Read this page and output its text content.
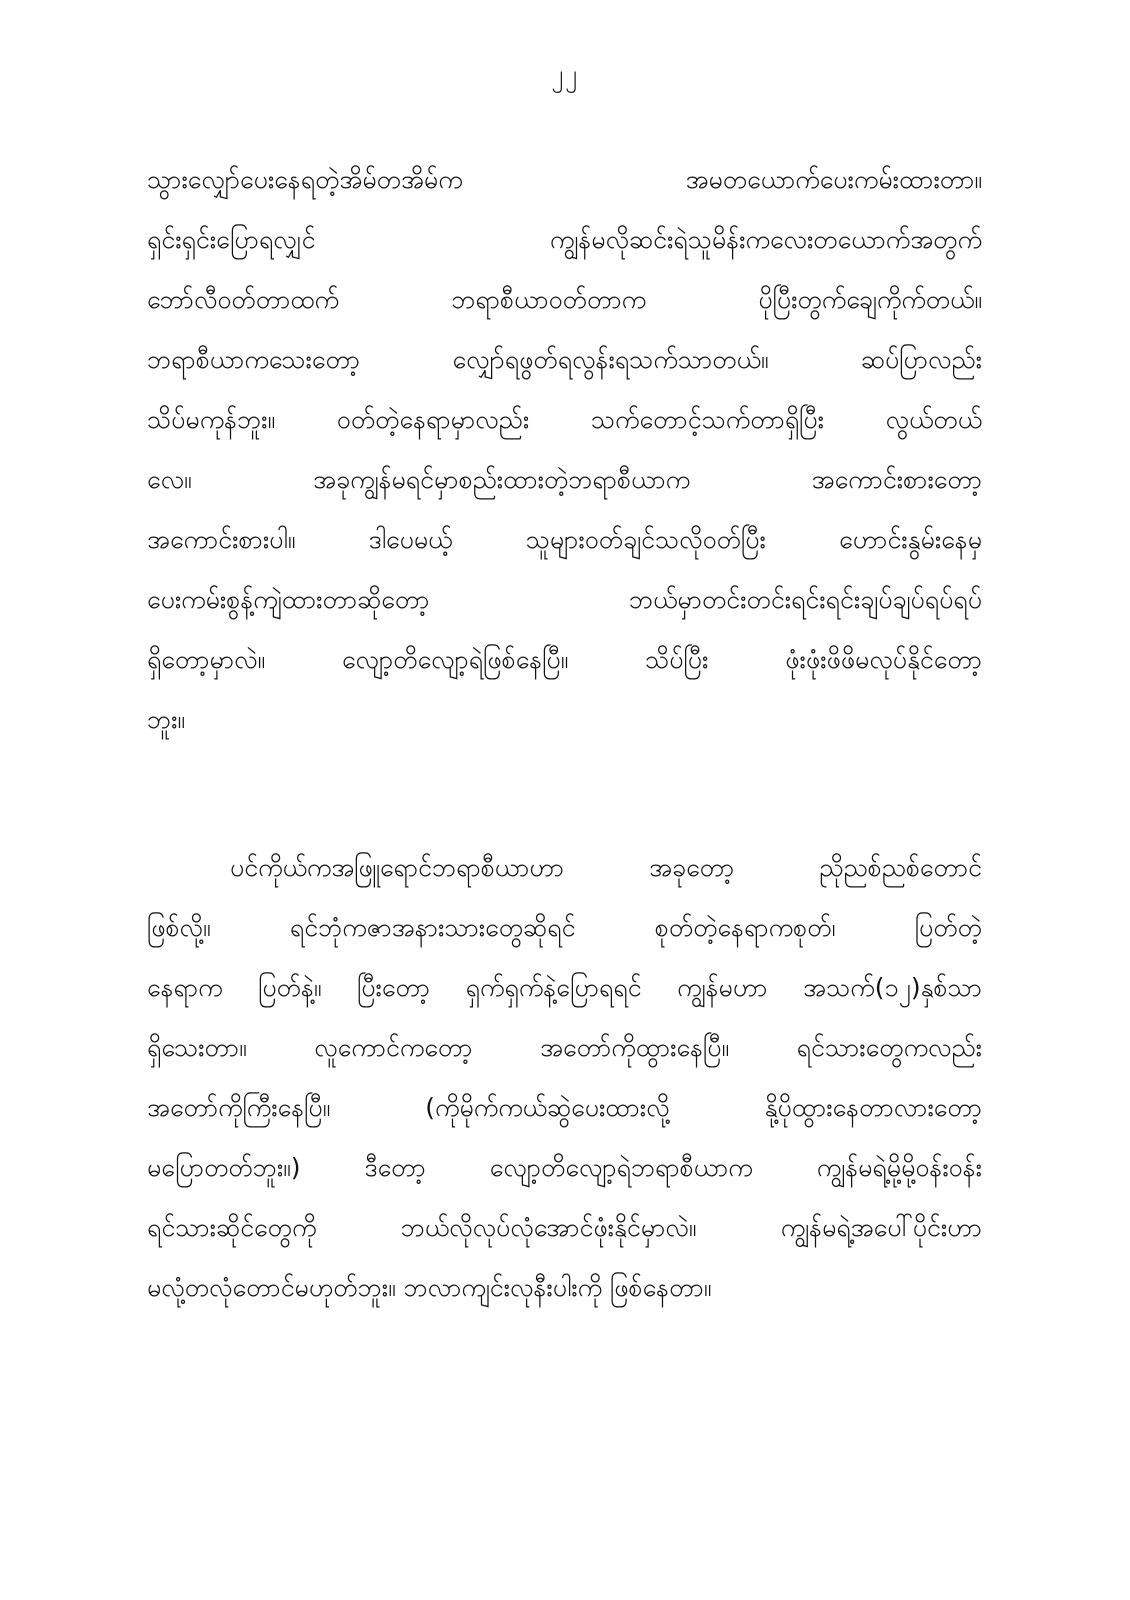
၂၂
သွားလျှော်ပေးနေရတဲ့အိမ်တအိမ်က အမတယောက်ပေးကမ်းထားတာ။
ရှင်းရှင်းပြောရလျှင် ကျွန်မလိုဆင်းရဲသူမိန်းကလေးတယောက်အတွက်
ဘော်လီဝတ်တာထက် ဘရာစီယာဝတ်တာက ပိုပြီးတွက်ချေကိုက်တယ်။
ဘရာစီယာကသေးတော့ လျှော်ရဖွတ်ရလွန်းရသက်သာတယ်။ ဆပ်ပြာလည်း
သိပ်မကုန်ဘူး။ ဝတ်တဲ့နေရာမှာလည်း သက်တောင့်သက်တာရှိပြီး လွယ်တယ်
လေ။ အခုကျွန်မရင်မှာစည်းထားတဲ့ဘရာစီယာက အကောင်းစားတော့
အကောင်းစားပါ။ ဒါပေမယ့် သူများဝတ်ချင်သလိုဝတ်ပြီး ဟောင်းနွမ်းနေမှ
ပေးကမ်းစွန့်ကျဲထားတာဆိုတော့ ဘယ်မှာတင်းတင်းရင်းရင်းချပ်ချပ်ရပ်ရပ်
ရှိတော့မှာလဲ။ လျော့တိလျော့ရဲဖြစ်နေပြီ။ သိပ်ပြီး ဖုံးဖုံးဖိဖိမလုပ်နိုင်တော့
ဘူး။
ပင်ကိုယ်ကအဖြူရောင်ဘရာစီယာဟာ အခုတော့ ညိုညစ်ညစ်တောင်
ဖြစ်လို့။ ရင်ဘုံကဇာအနားသားတွေဆိုရင် စုတ်တဲ့နေရာကစုတ်၊ ပြတ်တဲ့
နေရာက ပြတ်နဲ့။ ပြီးတော့ ရှက်ရှက်နဲ့ပြောရရင် ကျွန်မဟာ အသက်(၁၂)နှစ်သာ
ရှိသေးတာ။ လူကောင်ကတော့ အတော်ကိုထွားနေပြီ။ ရင်သားတွေကလည်း
အတော်ကိုကြီးနေပြီ။ (ကိုမိုက်ကယ်ဆွဲပေးထားလို့ နို့ပိုထွားနေတာလားတော့
မပြောတတ်ဘူး။) ဒီတော့ လျော့တိလျော့ရဲဘရာစီယာက ကျွန်မရဲ့မို့မို့ဝန်းဝန်း
ရင်သားဆိုင်တွေကို ဘယ်လိုလုပ်လုံအောင်ဖုံးနိုင်မှာလဲ။ ကျွန်မရဲ့အပေါ်ပိုင်းဟာ
မလုံ့တလုံတောင်မဟုတ်ဘူး။ ဘလာကျင်းလုနီးပါးကို ဖြစ်နေတာ။
